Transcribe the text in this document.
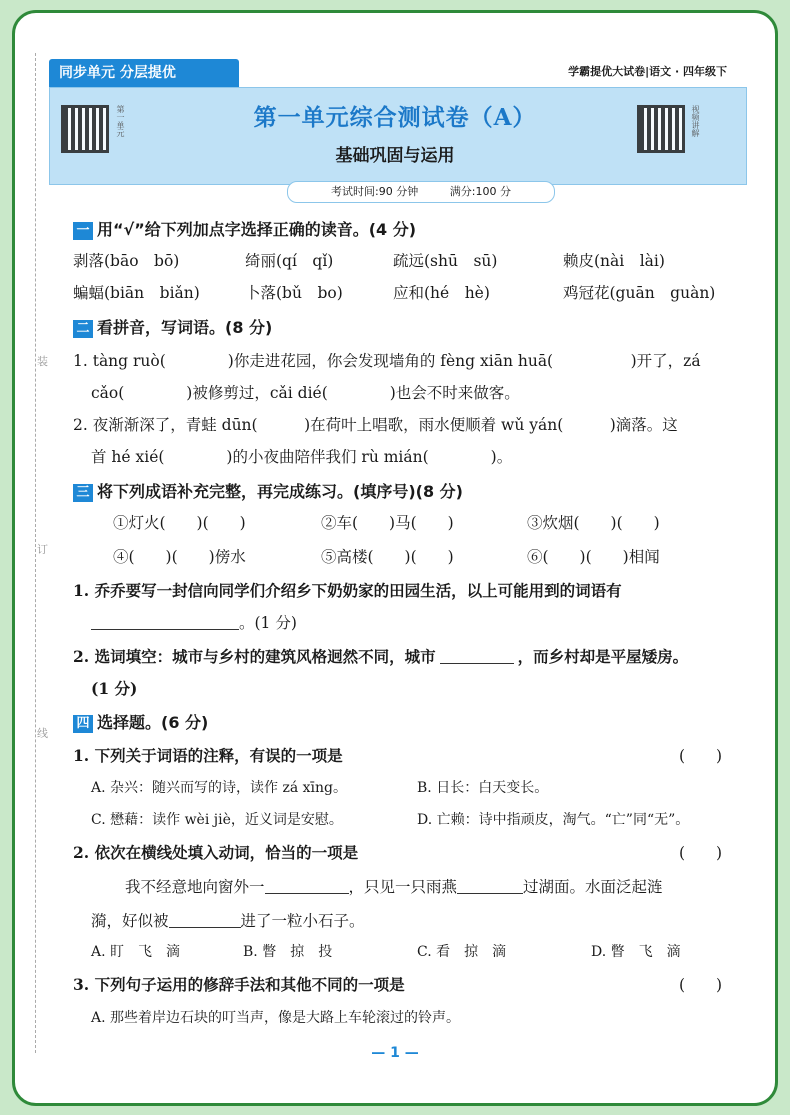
装
订
线
同步单元 分层提优	学霸提优大试卷|语文 · 四年级下
第一单元	视频讲解
第一单元综合测试卷（A）
基础巩固与运用
考试时间:90 分钟	满分:100 分
一 用“√”给下列加点字选择正确的读音。(4 分)
剥落(bāo　bō)	绮丽(qí　qǐ)	疏远(shū　sū)	赖皮(nài　lài)
蝙蝠(biān　biǎn)	卜落(bǔ　bo)	应和(hé　hè)	鸡冠花(guān　guàn)
二 看拼音，写词语。(8 分)
1. tàng ruò(　　　　)你走进花园，你会发现墙角的 fèng xiān huā(　　　　　)开了，zá
cǎo(　　　　)被修剪过，cǎi dié(　　　　)也会不时来做客。
2. 夜渐渐深了，青蛙 dūn(　　　)在荷叶上唱歌，雨水便顺着 wǔ yán(　　　)滴落。这
首 hé xié(　　　　)的小夜曲陪伴我们 rù mián(　　　　)。
三 将下列成语补充完整，再完成练习。(填序号)(8 分)
①灯火(　　)(　　)	②车(　　)马(　　)	③炊烟(　　)(　　)
④(　　)(　　)傍水	⑤高楼(　　)(　　)	⑥(　　)(　　)相闻
1. 乔乔要写一封信向同学们介绍乡下奶奶家的田园生活，以上可能用到的词语有
。(1 分)
2. 选词填空：城市与乡村的建筑风格迥然不同，城市	，而乡村却是平屋矮房。
(1 分)
四 选择题。(6 分)
1. 下列关于词语的注释，有误的一项是	(　　)
A. 杂兴：随兴而写的诗，读作 zá xīng。	B. 日长：白天变长。
C. 懋藉：读作 wèi jiè，近义词是安慰。	D. 亡赖：诗中指顽皮，淘气。“亡”同“无”。
2. 依次在横线处填入动词，恰当的一项是	(　　)
我不经意地向窗外一	，只见一只雨燕	过湖面。水面泛起涟
漪，好似被	进了一粒小石子。
A. 盯　飞　滴	B. 瞥　掠　投	C. 看　掠　滴	D. 瞥　飞　滴
3. 下列句子运用的修辞手法和其他不同的一项是	(　　)
A. 那些着岸边石块的叮当声，像是大路上车轮滚过的铃声。
— 1 —
